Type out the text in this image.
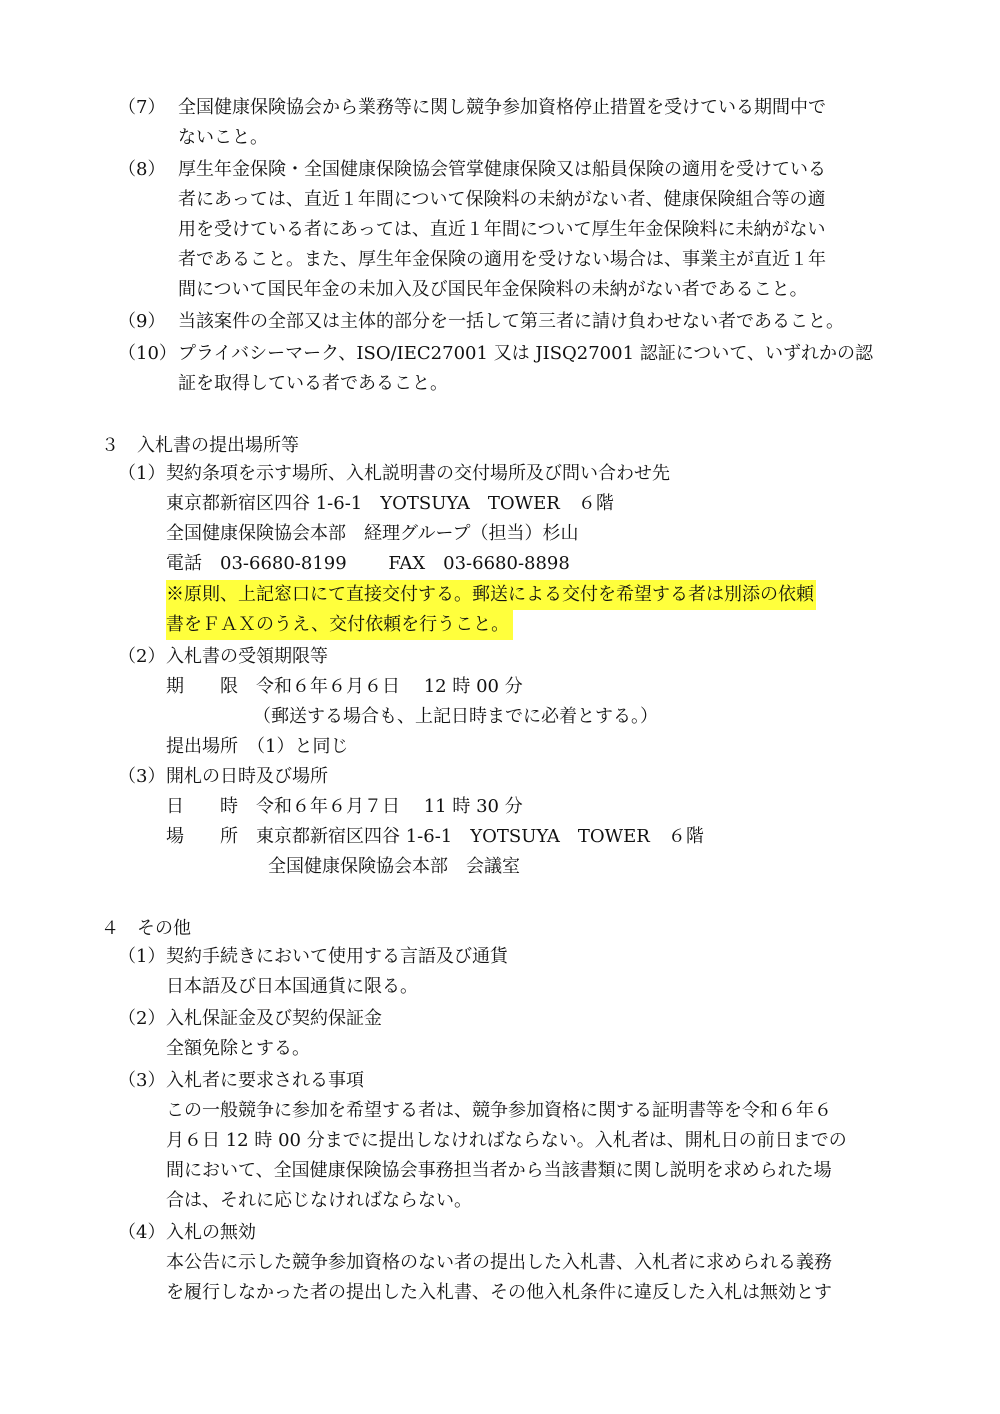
（7） 全国健康保険協会から業務等に関し競争参加資格停止措置を受けている期間中で
ないこと。
（8） 厚生年金保険・全国健康保険協会管掌健康保険又は船員保険の適用を受けている
者にあっては、直近１年間について保険料の未納がない者、健康保険組合等の適
用を受けている者にあっては、直近１年間について厚生年金保険料に未納がない
者であること。また、厚生年金保険の適用を受けない場合は、事業主が直近１年
間について国民年金の未加入及び国民年金保険料の未納がない者であること。
（9） 当該案件の全部又は主体的部分を一括して第三者に請け負わせない者であること。
（10） プライバシーマーク、ISO/IEC27001 又は JISQ27001 認証について、いずれかの認
証を取得している者であること。
３　入札書の提出場所等
（1） 契約条項を示す場所、入札説明書の交付場所及び問い合わせ先
東京都新宿区四谷 1-6-1　YOTSUYA　TOWER　６階
全国健康保険協会本部　経理グループ（担当）杉山
電話　03-6680-8199　　 FAX　03-6680-8898
※原則、上記窓口にて直接交付する。郵送による交付を希望する者は別添の依頼
書をＦＡＸのうえ、交付依頼を行うこと。
（2） 入札書の受領期限等
期　　限　令和６年６月６日　 12 時 00 分
（郵送する場合も、上記日時までに必着とする。）
提出場所　（1）と同じ
（3） 開札の日時及び場所
日　　時　令和６年６月７日　 11 時 30 分
場　　所　東京都新宿区四谷 1-6-1　YOTSUYA　TOWER　６階
全国健康保険協会本部　会議室
４　その他
（1） 契約手続きにおいて使用する言語及び通貨
日本語及び日本国通貨に限る。
（2） 入札保証金及び契約保証金
全額免除とする。
（3） 入札者に要求される事項
この一般競争に参加を希望する者は、競争参加資格に関する証明書等を令和６年６
月６日 12 時 00 分までに提出しなければならない。入札者は、開札日の前日までの
間において、全国健康保険協会事務担当者から当該書類に関し説明を求められた場
合は、それに応じなければならない。
（4） 入札の無効
本公告に示した競争参加資格のない者の提出した入札書、入札者に求められる義務
を履行しなかった者の提出した入札書、その他入札条件に違反した入札は無効とす
